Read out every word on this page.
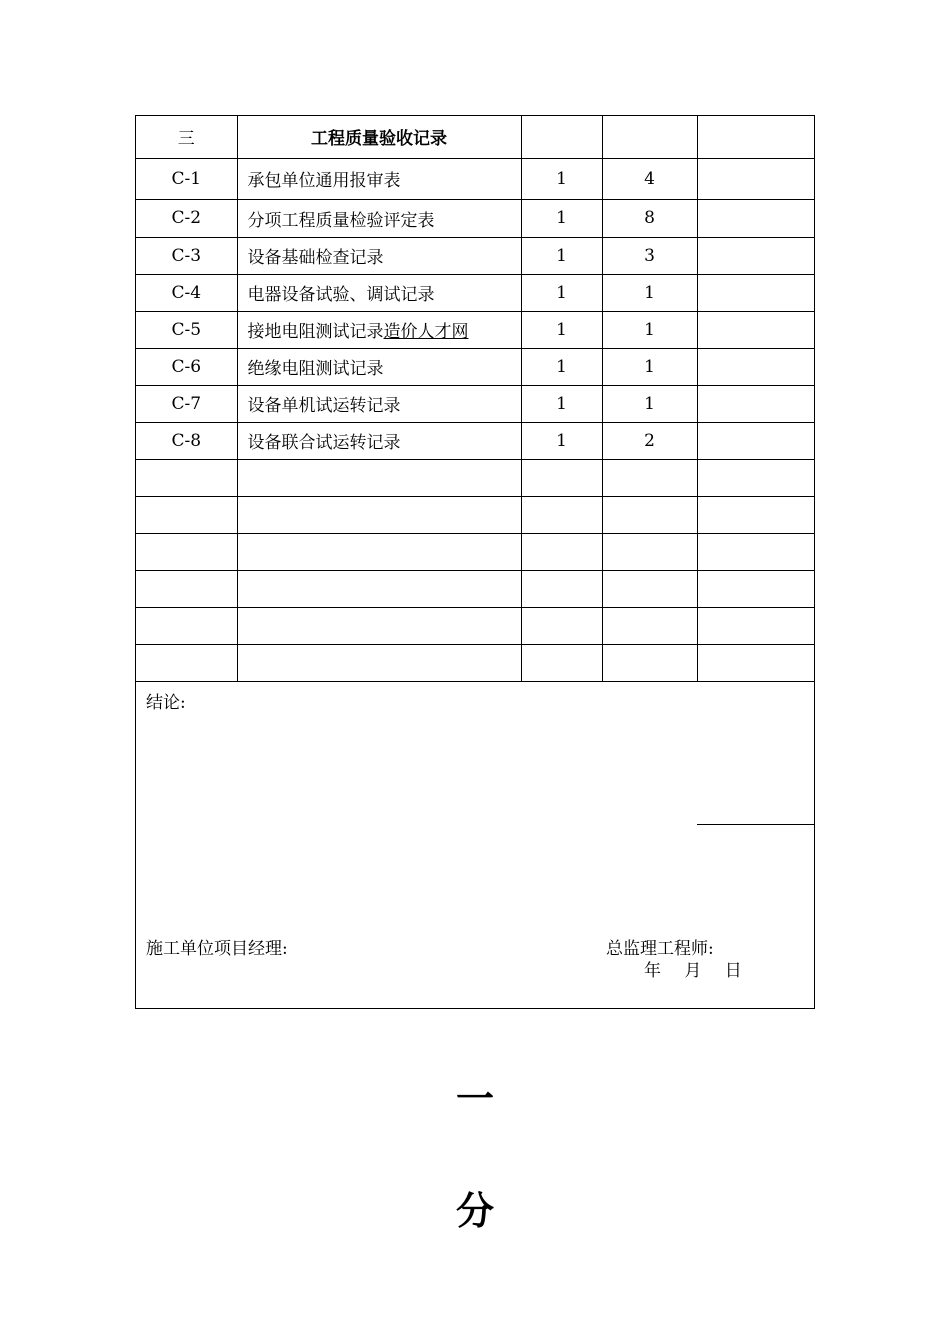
三	工程质量验收记录			
C-1	承包单位通用报审表	1	4	
C-2	分项工程质量检验评定表	1	8	
C-3	设备基础检查记录	1	3	
C-4	电器设备试验、调试记录	1	1	
C-5	接地电阻测试记录造价人才网	1	1	
C-6	绝缘电阻测试记录	1	1	
C-7	设备单机试运转记录	1	1	
C-8	设备联合试运转记录	1	2	

结论:
施工单位项目经理:	总监理工程师:
年 月 日
一
分
